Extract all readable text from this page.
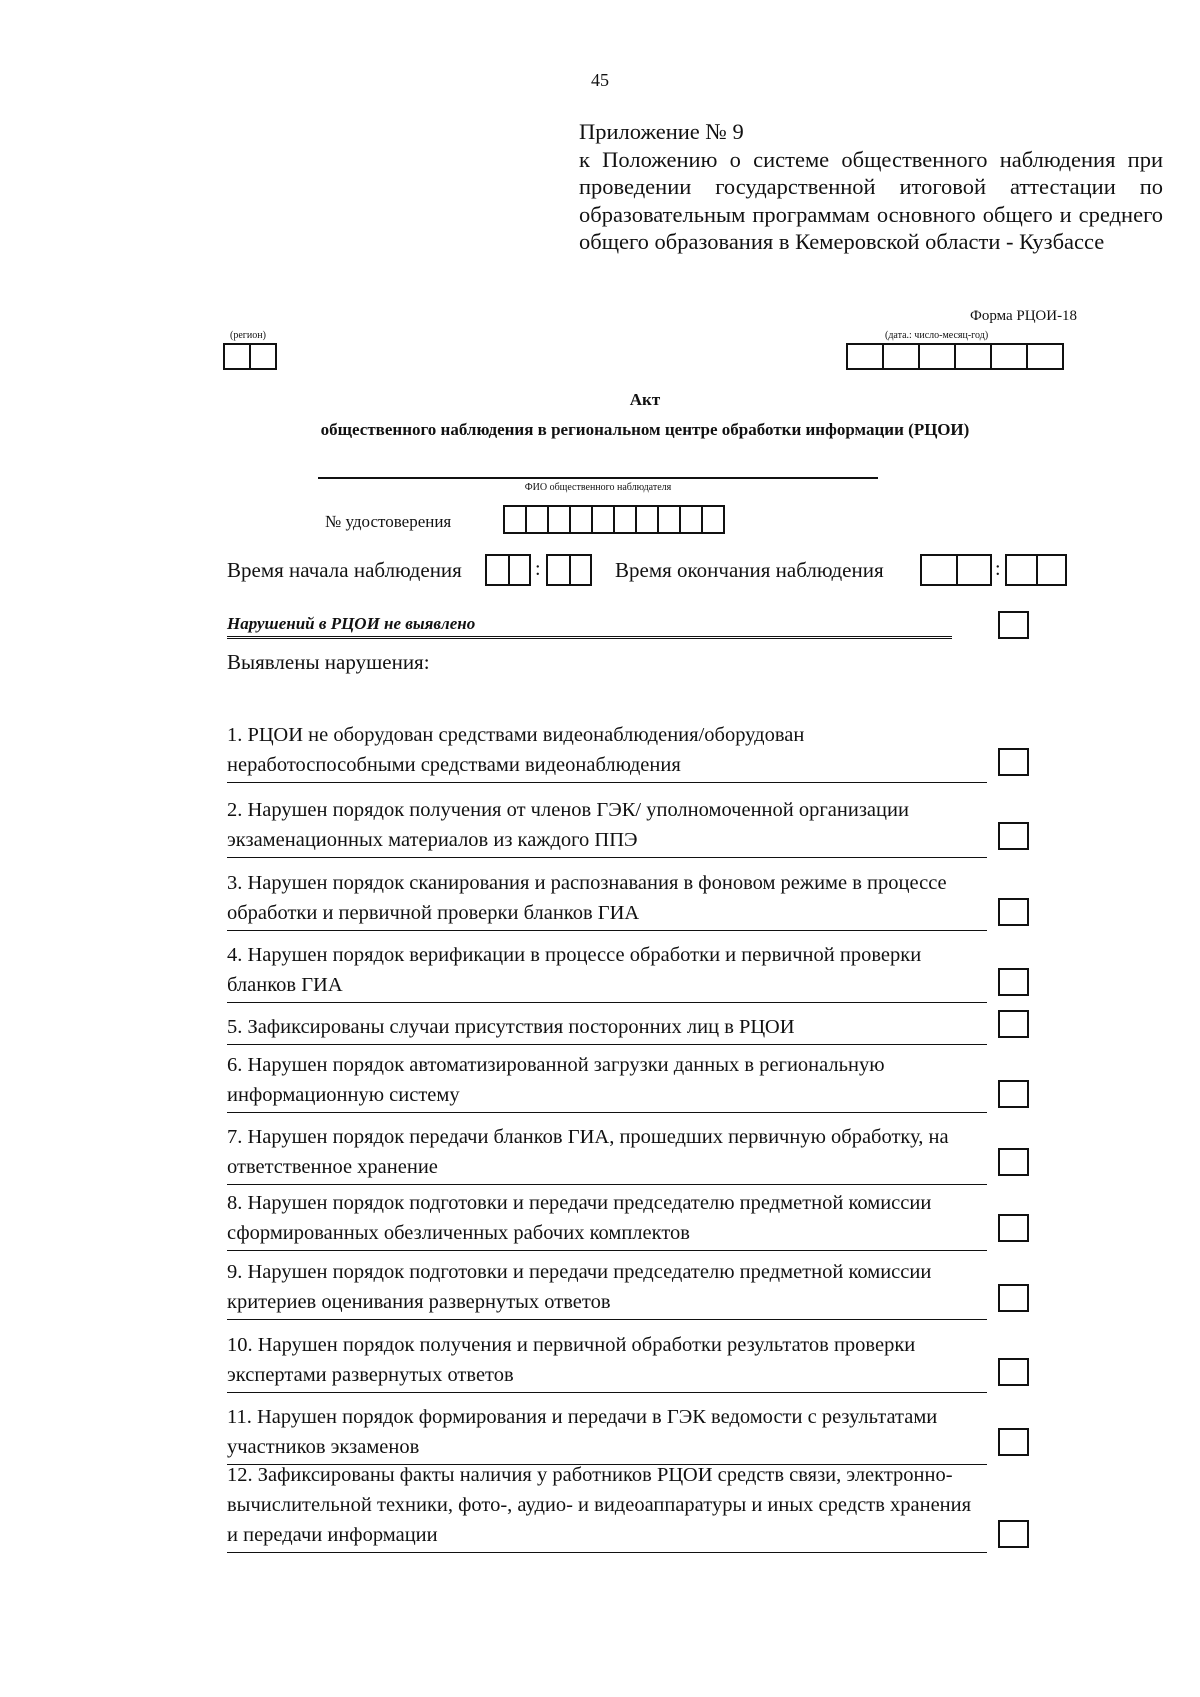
45
Приложение № 9
к Положению о системе общественного наблюдения при проведении государственной итоговой аттестации по образовательным программам основного общего и среднего общего образования в Кемеровской области - Кузбассе
Форма РЦОИ-18
(регион)	(дата.: число-месяц-год)
Акт
общественного наблюдения в региональном центре обработки информации (РЦОИ)
ФИО общественного наблюдателя
№ удостоверения
Время начала наблюдения	:	Время окончания наблюдения	:
Нарушений в РЦОИ не выявлено
Выявлены нарушения:
1. РЦОИ не оборудован средствами видеонаблюдения/оборудован неработоспособными средствами видеонаблюдения
2. Нарушен порядок получения от членов ГЭК/ уполномоченной организации экзаменационных материалов из каждого ППЭ
3. Нарушен порядок сканирования и распознавания в фоновом режиме в процессе обработки и первичной проверки бланков ГИА
4. Нарушен порядок верификации в процессе обработки и первичной проверки бланков ГИА
5. Зафиксированы случаи присутствия посторонних лиц в РЦОИ
6. Нарушен порядок автоматизированной загрузки данных в региональную информационную систему
7. Нарушен порядок передачи бланков ГИА, прошедших первичную обработку, на ответственное хранение
8. Нарушен порядок подготовки и передачи председателю предметной комиссии сформированных обезличенных рабочих комплектов
9. Нарушен порядок подготовки и передачи председателю предметной комиссии критериев оценивания развернутых ответов
10. Нарушен порядок получения и первичной обработки результатов проверки экспертами развернутых ответов
11. Нарушен порядок формирования и передачи в ГЭК ведомости с результатами участников экзаменов
12. Зафиксированы факты наличия у работников РЦОИ средств связи, электронно-вычислительной техники, фото-, аудио- и видеоаппаратуры и иных средств хранения и передачи информации
